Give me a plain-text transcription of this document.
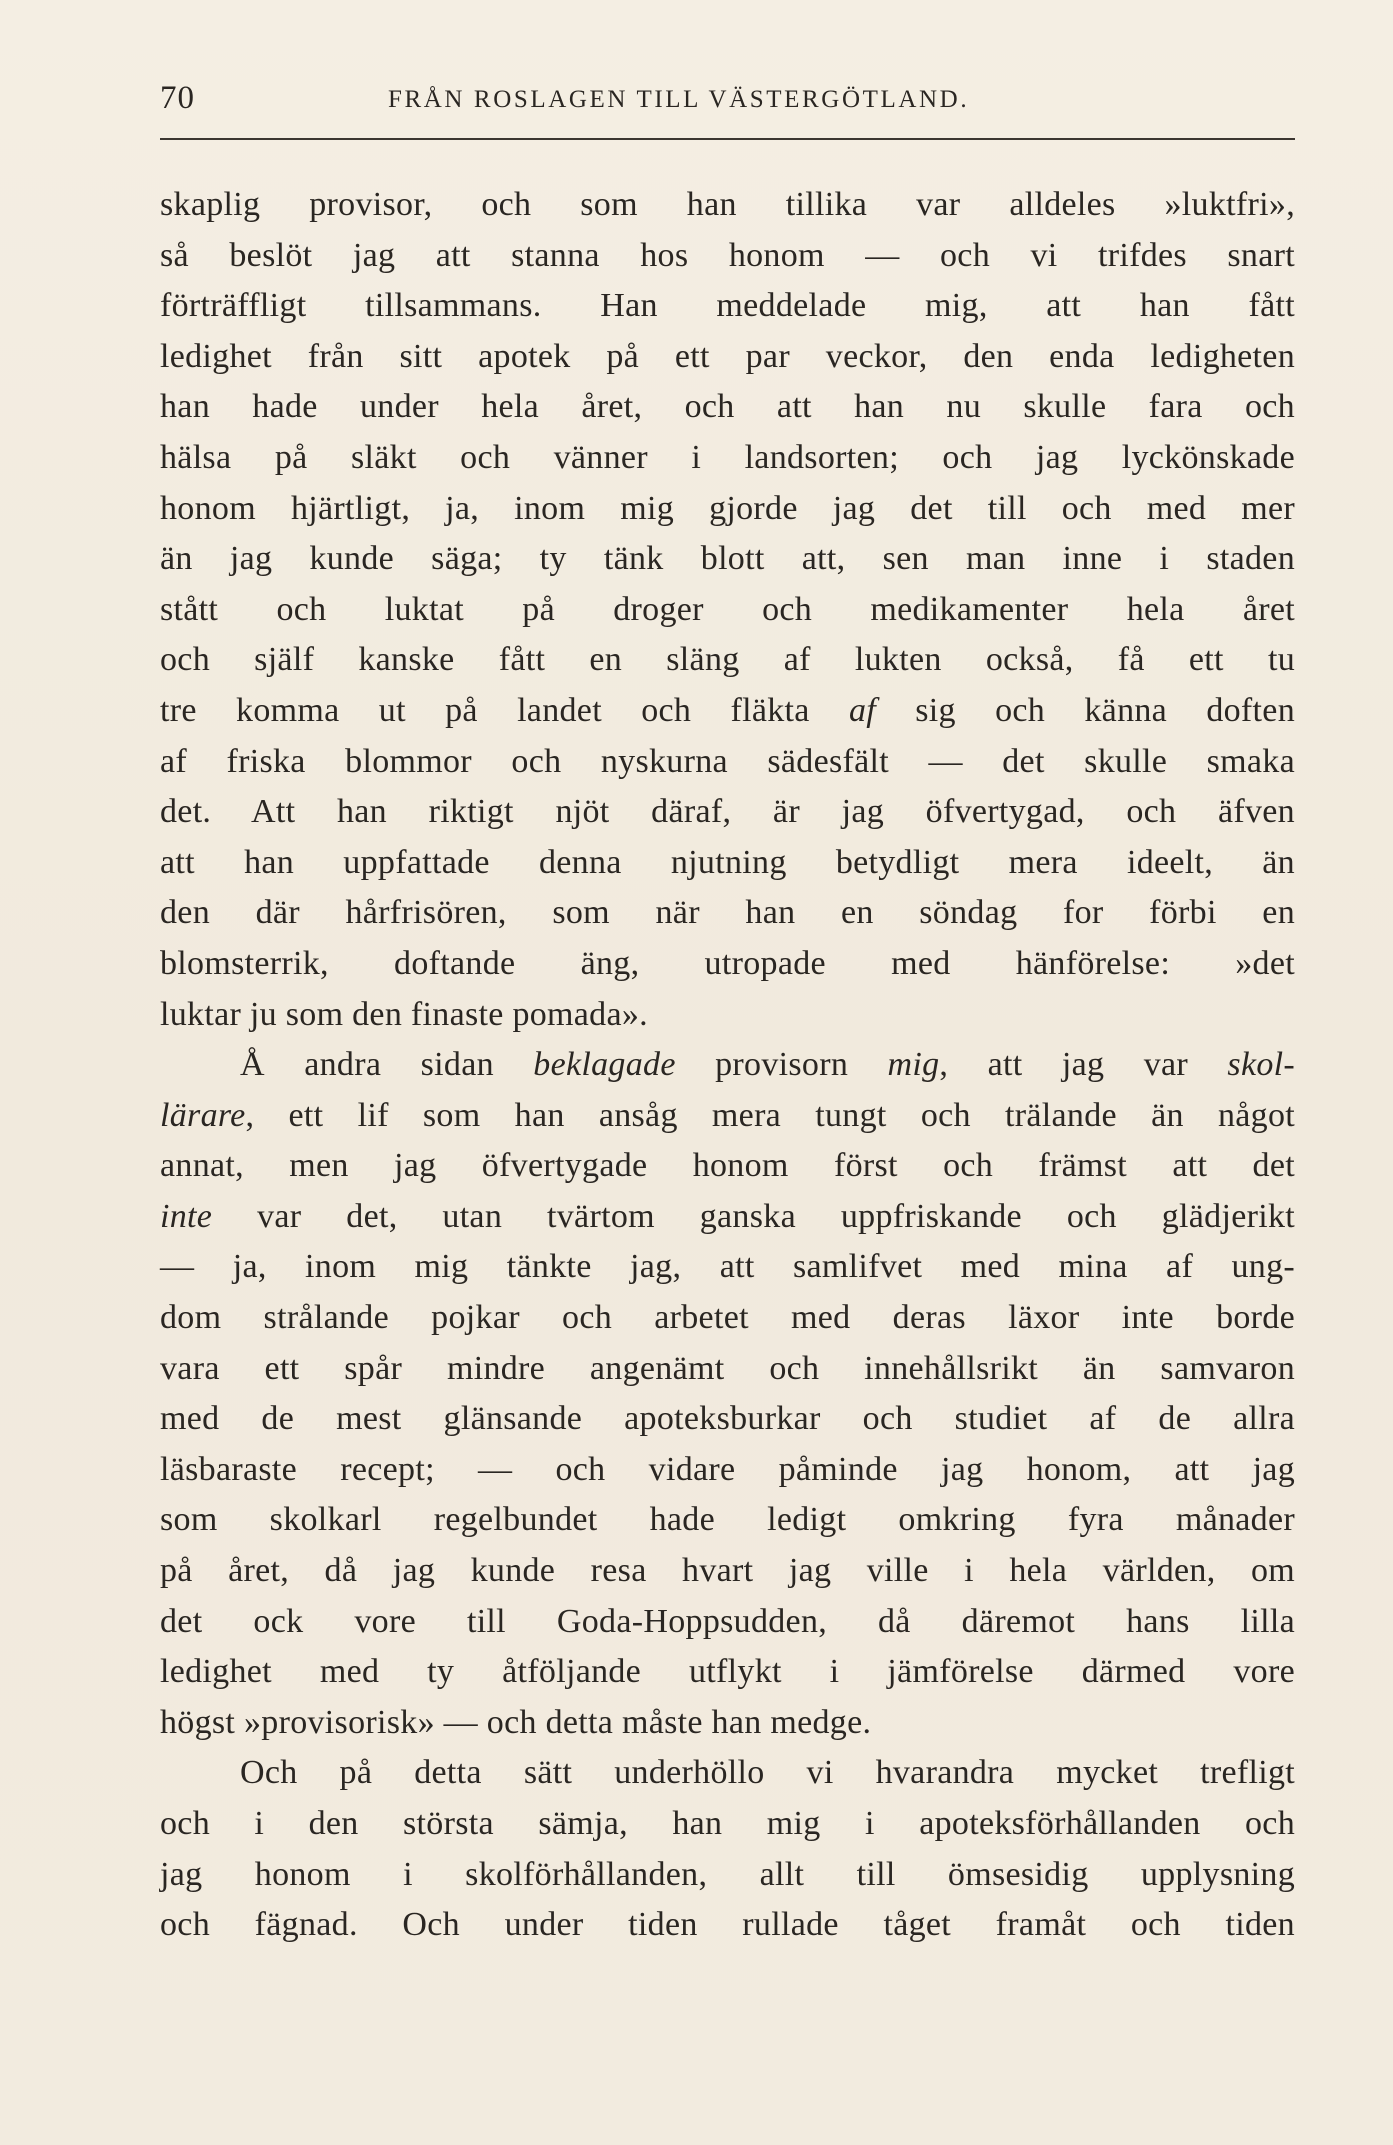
70	FRÅN ROSLAGEN TILL VÄSTERGÖTLAND.
skaplig provisor, och som han tillika var alldeles »luktfri»,
så beslöt jag att stanna hos honom — och vi trifdes snart
förträffligt tillsammans. Han meddelade mig, att han fått
ledighet från sitt apotek på ett par veckor, den enda ledigheten
han hade under hela året, och att han nu skulle fara och
hälsa på släkt och vänner i landsorten; och jag lyckönskade
honom hjärtligt, ja, inom mig gjorde jag det till och med mer
än jag kunde säga; ty tänk blott att, sen man inne i staden
stått och luktat på droger och medikamenter hela året
och själf kanske fått en släng af lukten också, få ett tu
tre komma ut på landet och fläkta af sig och känna doften
af friska blommor och nyskurna sädesfält — det skulle smaka
det. Att han riktigt njöt däraf, är jag öfvertygad, och äfven
att han uppfattade denna njutning betydligt mera ideelt, än
den där hårfrisören, som när han en söndag for förbi en
blomsterrik, doftande äng, utropade med hänförelse: »det
luktar ju som den finaste pomada».
Å andra sidan beklagade provisorn mig, att jag var skol-
lärare, ett lif som han ansåg mera tungt och trälande än något
annat, men jag öfvertygade honom först och främst att det
inte var det, utan tvärtom ganska uppfriskande och glädjerikt
— ja, inom mig tänkte jag, att samlifvet med mina af ung-
dom strålande pojkar och arbetet med deras läxor inte borde
vara ett spår mindre angenämt och innehållsrikt än samvaron
med de mest glänsande apoteksburkar och studiet af de allra
läsbaraste recept; — och vidare påminde jag honom, att jag
som skolkarl regelbundet hade ledigt omkring fyra månader
på året, då jag kunde resa hvart jag ville i hela världen, om
det ock vore till Goda-Hoppsudden, då däremot hans lilla
ledighet med ty åtföljande utflykt i jämförelse därmed vore
högst »provisorisk» — och detta måste han medge.
Och på detta sätt underhöllo vi hvarandra mycket trefligt
och i den största sämja, han mig i apoteksförhållanden och
jag honom i skolförhållanden, allt till ömsesidig upplysning
och fägnad. Och under tiden rullade tåget framåt och tiden
